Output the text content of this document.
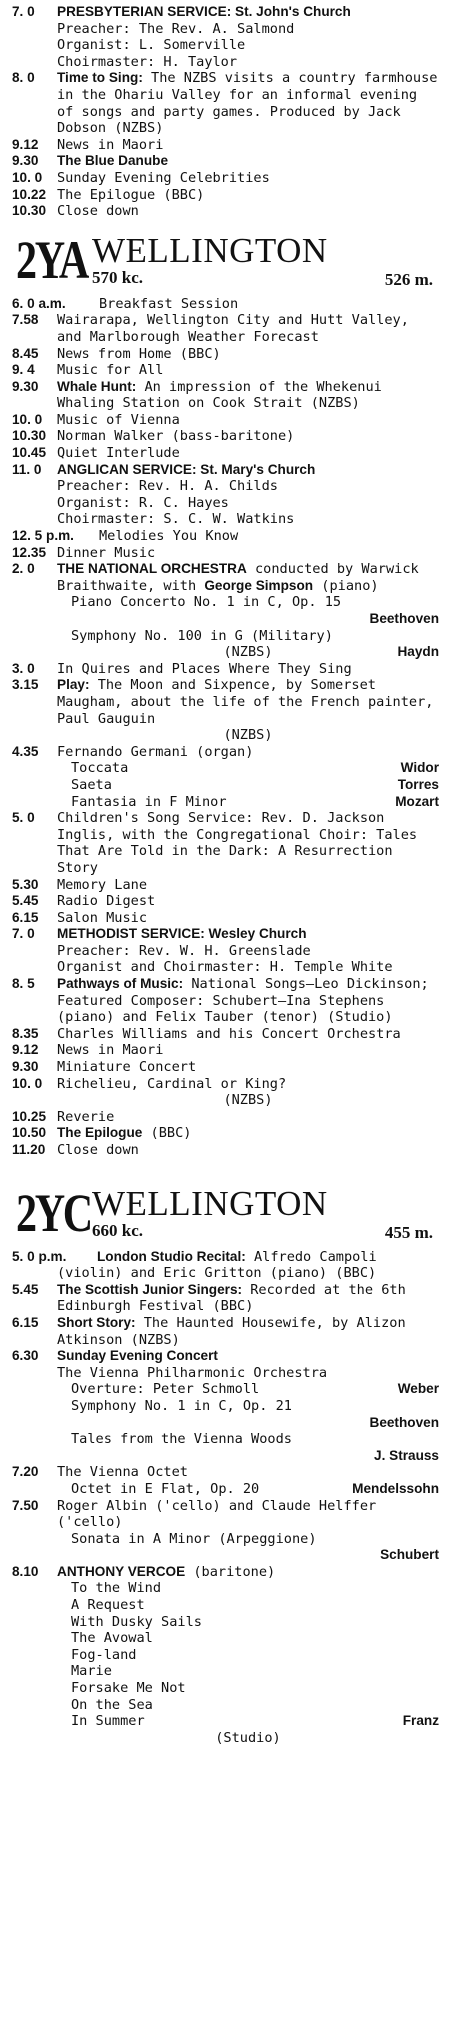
7. 0 PRESBYTERIAN SERVICE: St. John's Church
Preacher: The Rev. A. Salmond
Organist: L. Somerville
Choirmaster: H. Taylor
8. 0 Time to Sing: The NZBS visits a country farmhouse in the Ohariu Valley for an informal evening of songs and party games. Produced by Jack Dobson (NZBS)
9.12 News in Maori
9.30 The Blue Danube
10. 0 Sunday Evening Celebrities
10.22 The Epilogue (BBC)
10.30 Close down
2YA WELLINGTON
570 kc.	526 m.
6. 0 a.m. Breakfast Session
7.58 Wairarapa, Wellington City and Hutt Valley, and Marlborough Weather Forecast
8.45 News from Home (BBC)
9. 4 Music for All
9.30 Whale Hunt: An impression of the Whekenui Whaling Station on Cook Strait (NZBS)
10. 0 Music of Vienna
10.30 Norman Walker (bass-baritone)
10.45 Quiet Interlude
11. 0 ANGLICAN SERVICE: St. Mary's Church
Preacher: Rev. H. A. Childs
Organist: R. C. Hayes
Choirmaster: S. C. W. Watkins
12. 5 p.m. Melodies You Know
12.35 Dinner Music
2. 0 THE NATIONAL ORCHESTRA conducted by Warwick Braithwaite, with George Simpson (piano)
Piano Concerto No. 1 in C, Op. 15
Beethoven
Symphony No. 100 in G (Military)
(NZBS)	Haydn
3. 0 In Quires and Places Where They Sing
3.15 Play: The Moon and Sixpence, by Somerset Maugham, about the life of the French painter, Paul Gauguin
(NZBS)
4.35 Fernando Germani (organ)
Toccata	Widor
Saeta	Torres
Fantasia in F Minor	Mozart
5. 0 Children's Song Service: Rev. D. Jackson Inglis, with the Congregational Choir: Tales That Are Told in the Dark: A Resurrection Story
5.30 Memory Lane
5.45 Radio Digest
6.15 Salon Music
7. 0 METHODIST SERVICE: Wesley Church
Preacher: Rev. W. H. Greenslade
Organist and Choirmaster: H. Temple White
8. 5 Pathways of Music: National Songs—Leo Dickinson; Featured Composer: Schubert—Ina Stephens (piano) and Felix Tauber (tenor) (Studio)
8.35 Charles Williams and his Concert Orchestra
9.12 News in Maori
9.30 Miniature Concert
10. 0 Richelieu, Cardinal or King?
(NZBS)
10.25 Reverie
10.50 The Epilogue (BBC)
11.20 Close down
2YC WELLINGTON
660 kc.	455 m.
5. 0 p.m. London Studio Recital: Alfredo Campoli (violin) and Eric Gritton (piano) (BBC)
5.45 The Scottish Junior Singers: Recorded at the 6th Edinburgh Festival (BBC)
6.15 Short Story: The Haunted Housewife, by Alizon Atkinson (NZBS)
6.30 Sunday Evening Concert
The Vienna Philharmonic Orchestra
Overture: Peter Schmoll	Weber
Symphony No. 1 in C, Op. 21
Beethoven
Tales from the Vienna Woods
J. Strauss
7.20 The Vienna Octet
Octet in E Flat, Op. 20	Mendelssohn
7.50 Roger Albin ('cello) and Claude Helffer ('cello)
Sonata in A Minor (Arpeggione)
Schubert
8.10 ANTHONY VERCOE (baritone)
To the Wind
A Request
With Dusky Sails
The Avowal
Fog-land
Marie
Forsake Me Not
On the Sea
In Summer	Franz
(Studio)
